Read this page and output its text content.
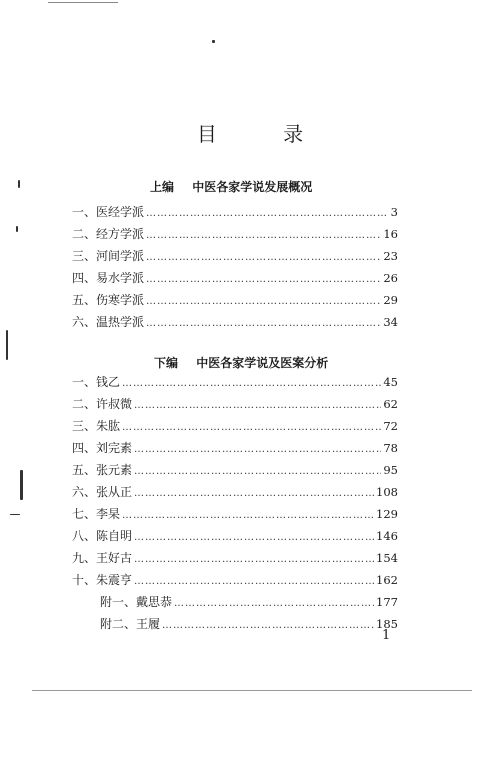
目	录
上编 中医各家学说发展概况
一、 医经学派 ……………………………………………………………………………………………………………………	3
二、 经方学派 ……………………………………………………………………………………………………………………	16
三、 河间学派 ……………………………………………………………………………………………………………………	23
四、 易水学派 ……………………………………………………………………………………………………………………	26
五、 伤寒学派 ……………………………………………………………………………………………………………………	29
六、 温热学派 ……………………………………………………………………………………………………………………	34
下编 中医各家学说及医案分析
一、 钱乙 ……………………………………………………………………………………………………………………	45
二、 许叔微 ……………………………………………………………………………………………………………………	62
三、 朱肱 ……………………………………………………………………………………………………………………	72
四、 刘完素 ……………………………………………………………………………………………………………………	78
五、 张元素 ……………………………………………………………………………………………………………………	95
六、 张从正 ……………………………………………………………………………………………………………………	108
七、 李杲 ……………………………………………………………………………………………………………………	129
八、 陈自明 ……………………………………………………………………………………………………………………	146
九、 王好古 ……………………………………………………………………………………………………………………	154
十、 朱震亨 ……………………………………………………………………………………………………………………	162
附一、 戴思恭 ……………………………………………………………………………………………………………………	177
附二、 王履 ……………………………………………………………………………………………………………………	185
1
